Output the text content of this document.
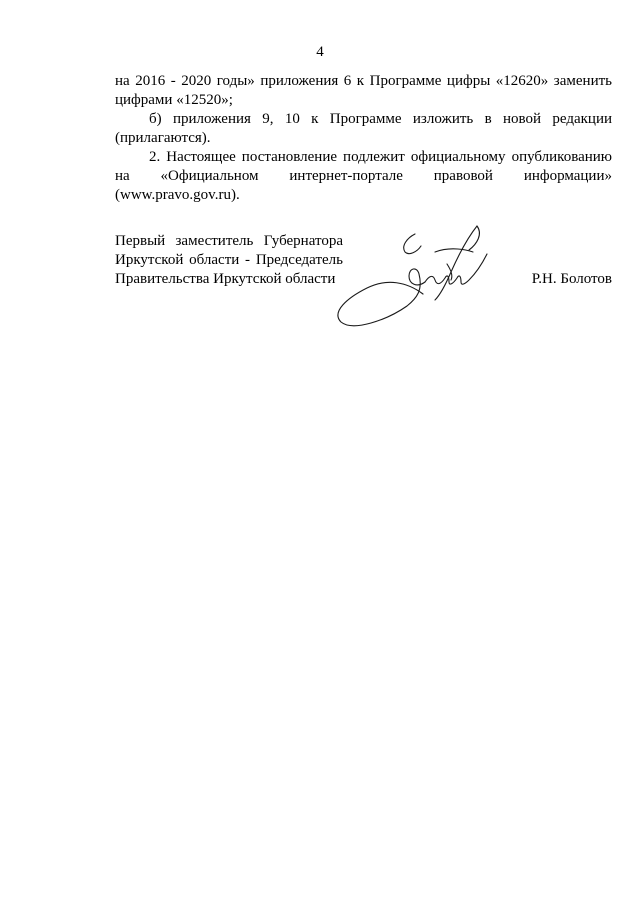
4

на 2016 - 2020 годы» приложения 6 к Программе цифры «12620» заменить цифрами «12520»;

б) приложения 9, 10 к Программе изложить в новой редакции (прилагаются).

2. Настоящее постановление подлежит официальному опубликованию на «Официальном интернет-портале правовой информации» (www.pravo.gov.ru).

Первый заместитель Губернатора

Иркутской области - Председатель

Правительства Иркутской области	Р.Н. Болотов
